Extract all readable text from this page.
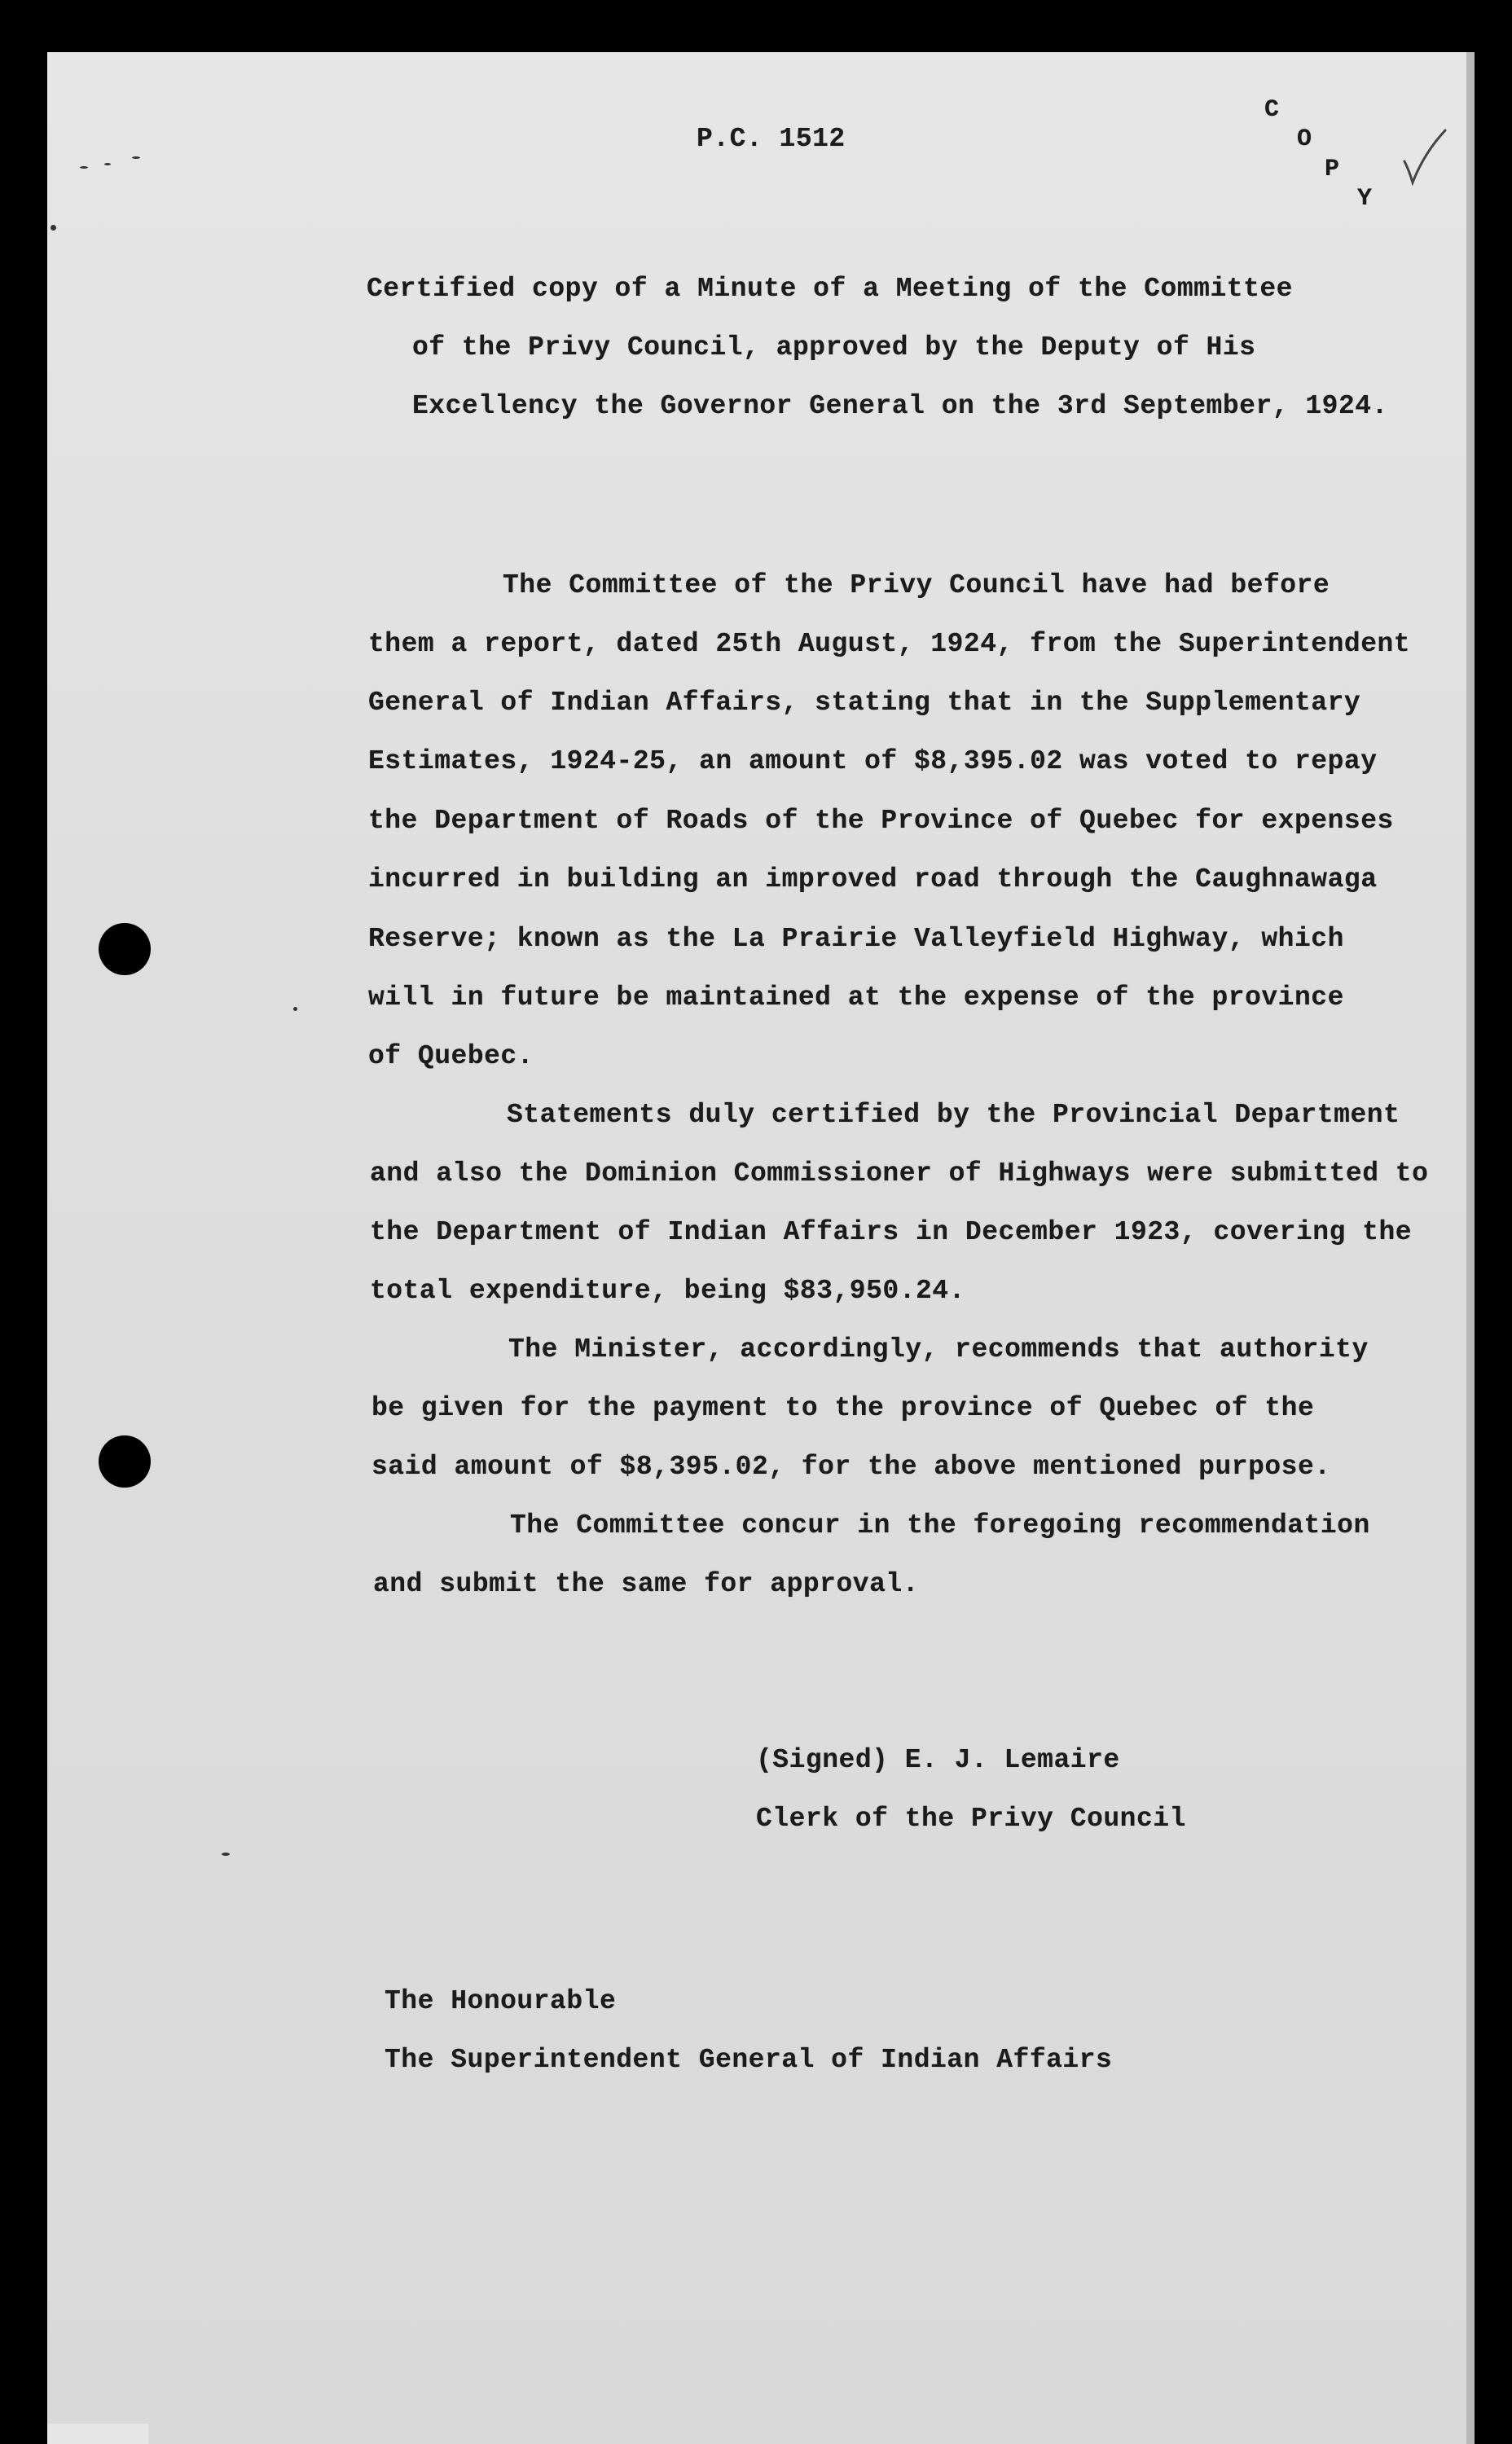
P.C. 1512
C
O
P
Y
Certified copy of a Minute of a Meeting of the Committee
of the Privy Council, approved by the Deputy of His
Excellency the Governor General on the 3rd September, 1924.
The Committee of the Privy Council have had before
them a report, dated 25th August, 1924, from the Superintendent
General of Indian Affairs, stating that in the Supplementary
Estimates, 1924-25, an amount of $8,395.02 was voted to repay
the Department of Roads of the Province of Quebec for expenses
incurred in building an improved road through the Caughnawaga
Reserve; known as the La Prairie Valleyfield Highway, which
will in future be maintained at the expense of the province
of Quebec.
Statements duly certified by the Provincial Department
and also the Dominion Commissioner of Highways were submitted to
the Department of Indian Affairs in December 1923, covering the
total expenditure, being $83,950.24.
The Minister, accordingly, recommends that authority
be given for the payment to the province of Quebec of the
said amount of $8,395.02, for the above mentioned purpose.
The Committee concur in the foregoing recommendation
and submit the same for approval.
(Signed) E. J. Lemaire
Clerk of the Privy Council
The Honourable
The Superintendent General of Indian Affairs
